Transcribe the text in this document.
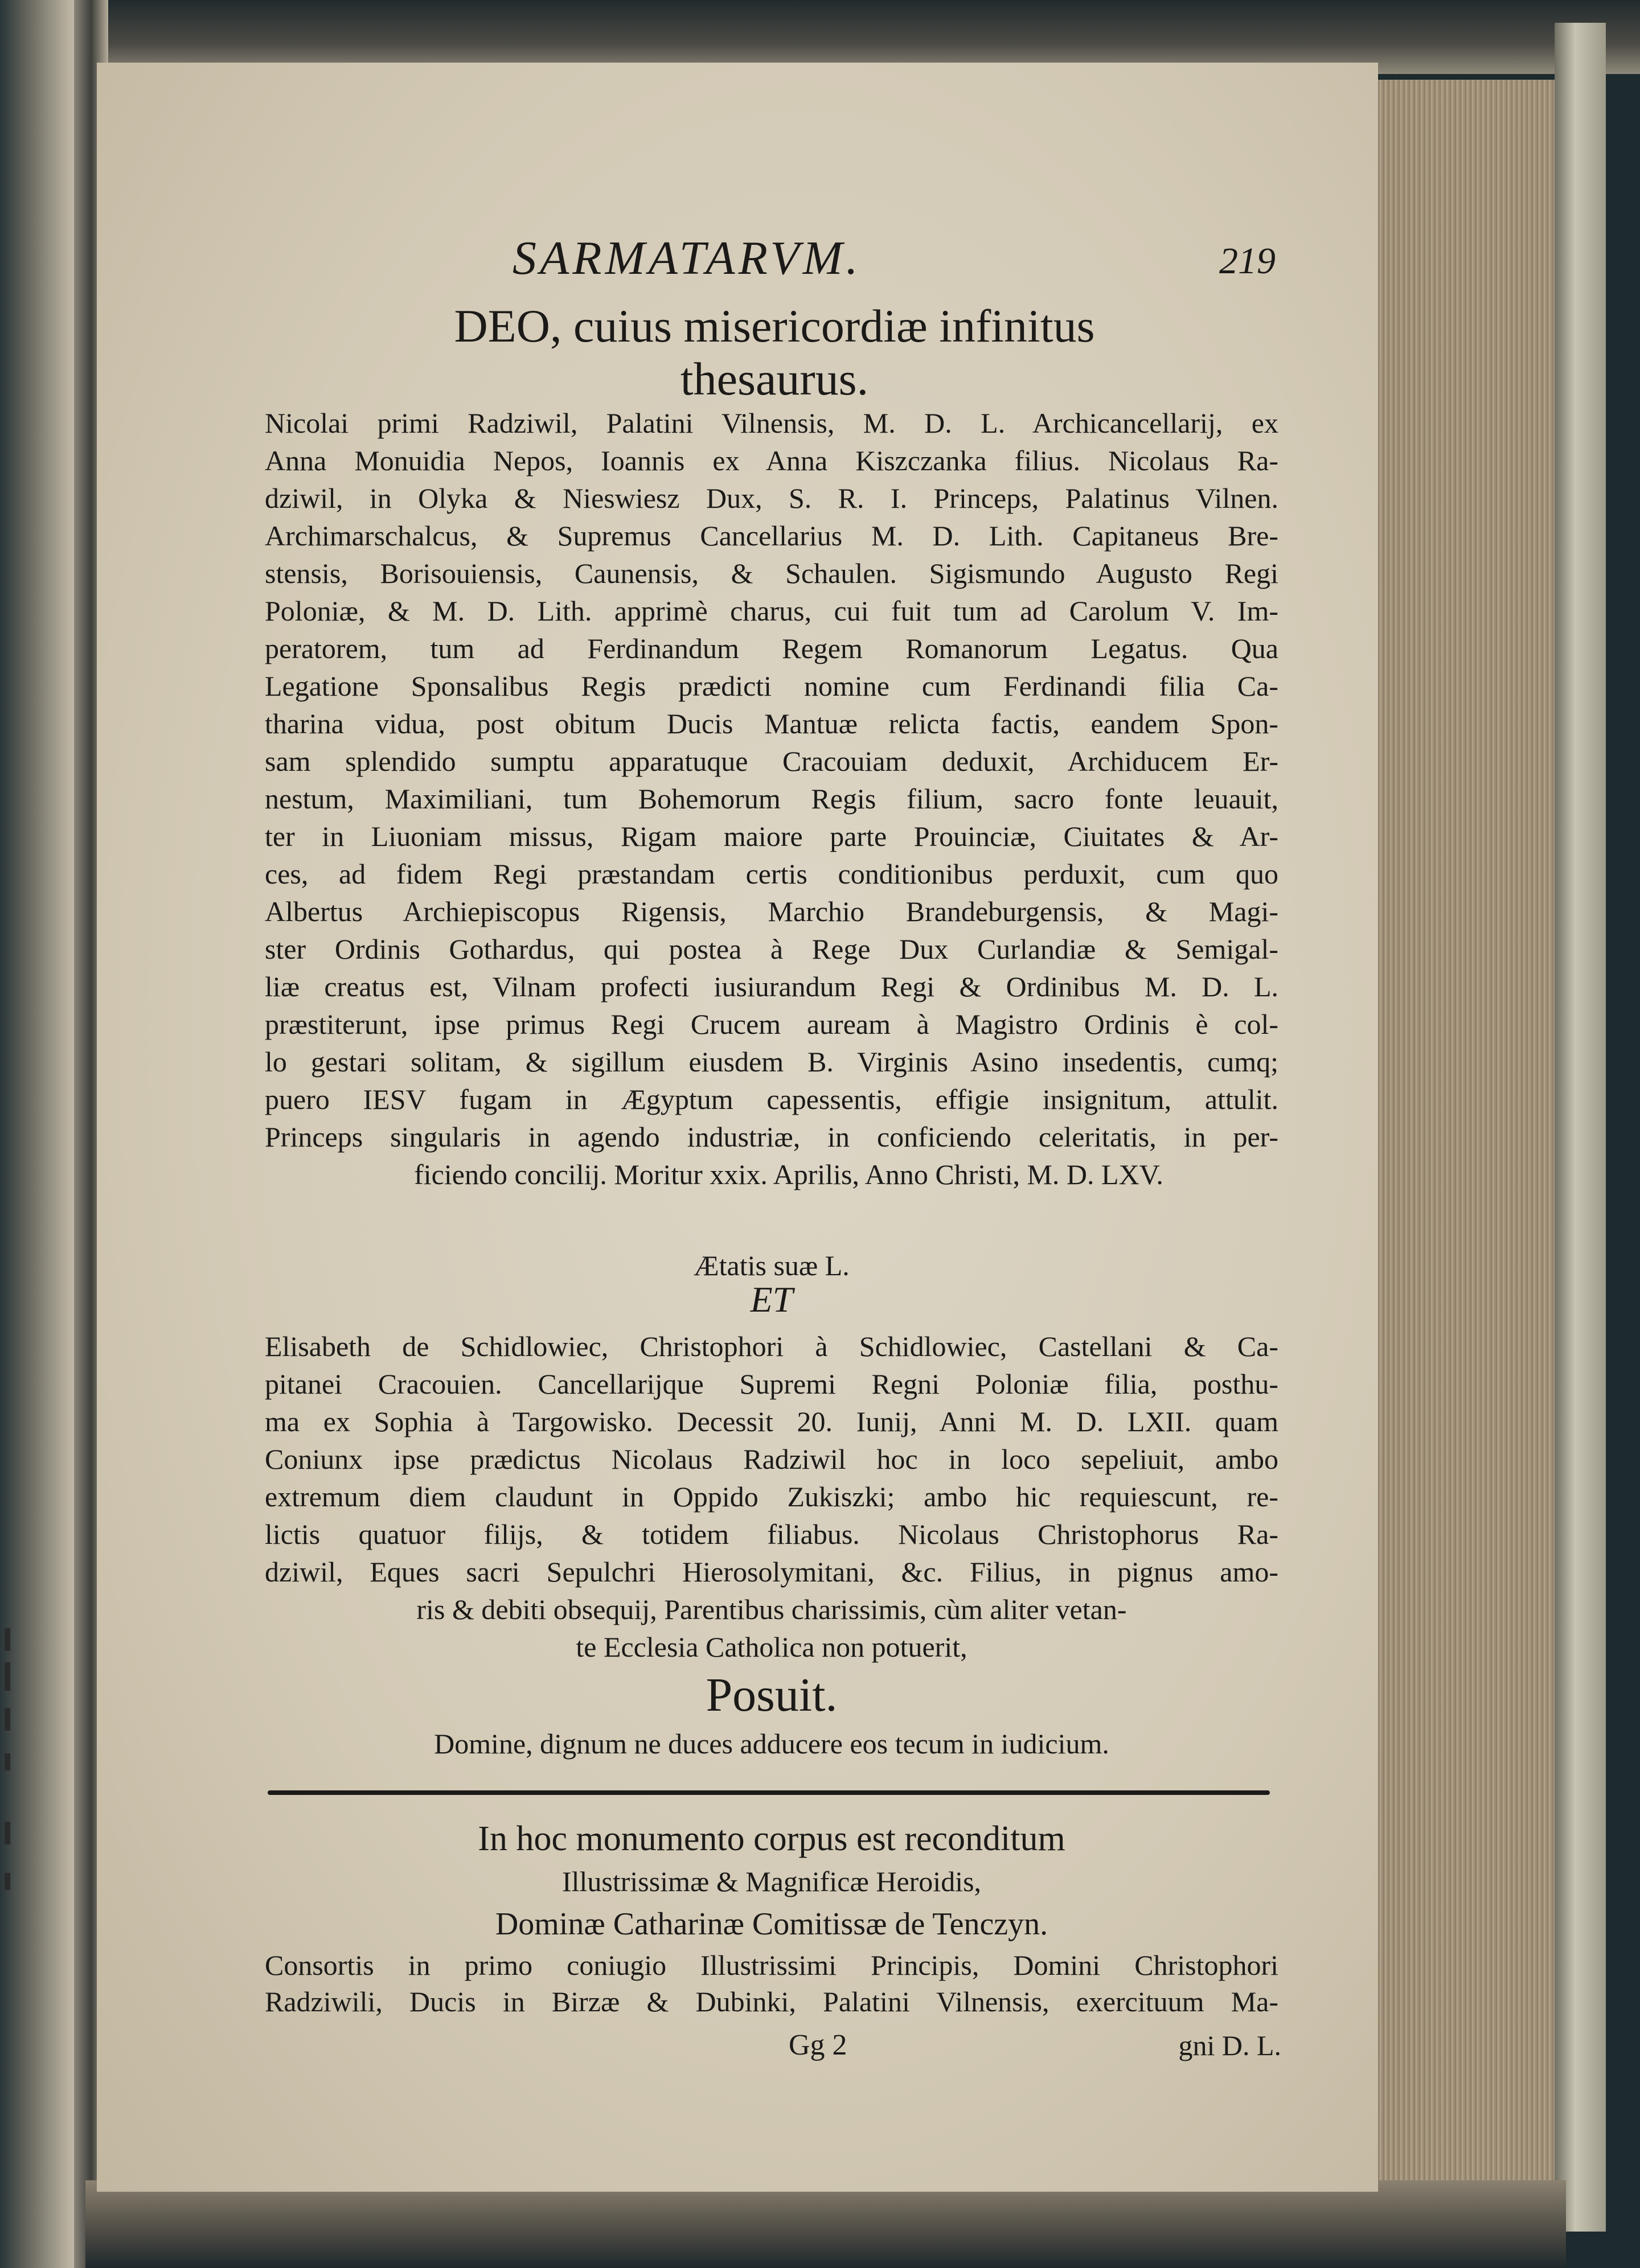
SARMATARVM.	219
DEO, cuius misericordiæ infinitus
thesaurus.
Nicolai primi Radziwil, Palatini Vilnensis, M. D. L. Archicancellarij, ex
Anna Monuidia Nepos, Ioannis ex Anna Kiszczanka filius. Nicolaus Ra-
dziwil, in Olyka & Nieswiesz Dux, S. R. I. Princeps, Palatinus Vilnen.
Archimarschalcus, & Supremus Cancellarius M. D. Lith. Capitaneus Bre-
stensis, Borisouiensis, Caunensis, & Schaulen. Sigismundo Augusto Regi
Poloniæ, & M. D. Lith. apprimè charus, cui fuit tum ad Carolum V. Im-
peratorem, tum ad Ferdinandum Regem Romanorum Legatus. Qua
Legatione Sponsalibus Regis prædicti nomine cum Ferdinandi filia Ca-
tharina vidua, post obitum Ducis Mantuæ relicta factis, eandem Spon-
sam splendido sumptu apparatuque Cracouiam deduxit, Archiducem Er-
nestum, Maximiliani, tum Bohemorum Regis filium, sacro fonte leuauit,
ter in Liuoniam missus, Rigam maiore parte Prouinciæ, Ciuitates & Ar-
ces, ad fidem Regi præstandam certis conditionibus perduxit, cum quo
Albertus Archiepiscopus Rigensis, Marchio Brandeburgensis, & Magi-
ster Ordinis Gothardus, qui postea à Rege Dux Curlandiæ & Semigal-
liæ creatus est, Vilnam profecti iusiurandum Regi & Ordinibus M. D. L.
præstiterunt, ipse primus Regi Crucem auream à Magistro Ordinis è col-
lo gestari solitam, & sigillum eiusdem B. Virginis Asino insedentis, cumq;
puero IESV fugam in Ægyptum capessentis, effigie insignitum, attulit.
Princeps singularis in agendo industriæ, in conficiendo celeritatis, in per-
ficiendo concilij. Moritur xxix. Aprilis, Anno Christi, M. D. LXV.
Ætatis suæ L.
ET
Elisabeth de Schidlowiec, Christophori à Schidlowiec, Castellani & Ca-
pitanei Cracouien. Cancellarijque Supremi Regni Poloniæ filia, posthu-
ma ex Sophia à Targowisko. Decessit 20. Iunij, Anni M. D. LXII. quam
Coniunx ipse prædictus Nicolaus Radziwil hoc in loco sepeliuit, ambo
extremum diem claudunt in Oppido Zukiszki; ambo hic requiescunt, re-
lictis quatuor filijs, & totidem filiabus. Nicolaus Christophorus Ra-
dziwil, Eques sacri Sepulchri Hierosolymitani, &c. Filius, in pignus amo-
ris & debiti obsequij, Parentibus charissimis, cùm aliter vetan-
te Ecclesia Catholica non potuerit,
Posuit.
Domine, dignum ne duces adducere eos tecum in iudicium.
In hoc monumento corpus est reconditum
Illustrissimæ & Magnificæ Heroidis,
Dominæ Catharinæ Comitissæ de Tenczyn.
Consortis in primo coniugio Illustrissimi Principis, Domini Christophori
Radziwili, Ducis in Birzæ & Dubinki, Palatini Vilnensis, exercituum Ma-
Gg 2	gni D. L.
